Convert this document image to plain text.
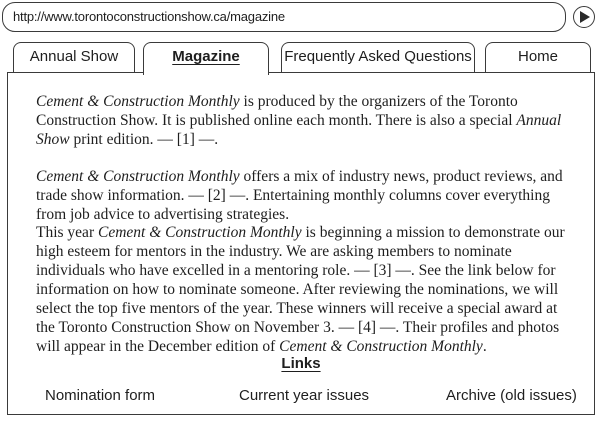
http://www.torontoconstructionshow.ca/magazine
Annual Show	Magazine	Frequently Asked Questions	Home

Cement & Construction Monthly is produced by the organizers of the Toronto Construction Show. It is published online each month. There is also a special Annual Show print edition. — [1] —.

Cement & Construction Monthly offers a mix of industry news, product reviews, and trade show information. — [2] —. Entertaining monthly columns cover everything from job advice to advertising strategies.

This year Cement & Construction Monthly is beginning a mission to demonstrate our high esteem for mentors in the industry. We are asking members to nominate individuals who have excelled in a mentoring role. — [3] —. See the link below for information on how to nominate someone. After reviewing the nominations, we will select the top five mentors of the year. These winners will receive a special award at the Toronto Construction Show on November 3. — [4] —. Their profiles and photos will appear in the December edition of Cement & Construction Monthly.

Links
Nomination form	Current year issues	Archive (old issues)
